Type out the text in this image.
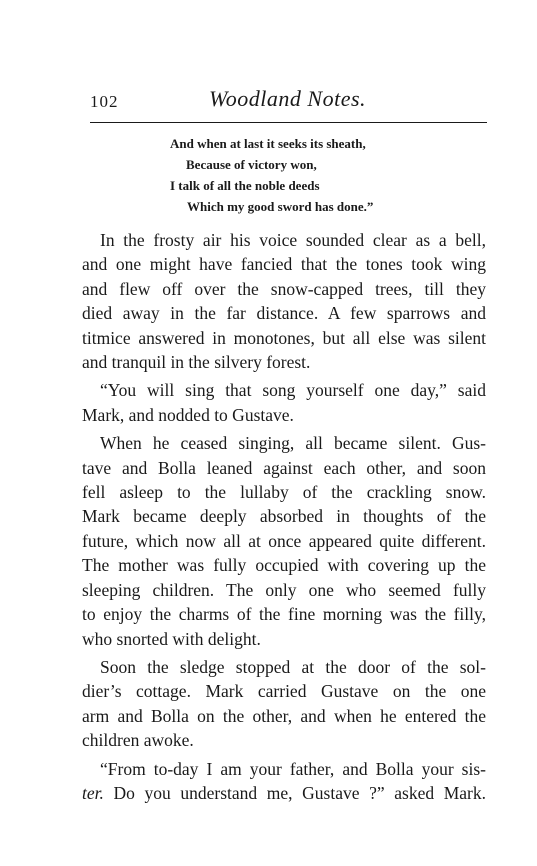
102	Woodland Notes.
And when at last it seeks its sheath,
Because of victory won,
I talk of all the noble deeds
Which my good sword has done.”
In the frosty air his voice sounded clear as a bell,
and one might have fancied that the tones took wing
and flew off over the snow-capped trees, till they
died away in the far distance. A few sparrows and
titmice answered in monotones, but all else was silent
and tranquil in the silvery forest.
“You will sing that song yourself one day,” said
Mark, and nodded to Gustave.
When he ceased singing, all became silent. Gus-
tave and Bolla leaned against each other, and soon
fell asleep to the lullaby of the crackling snow.
Mark became deeply absorbed in thoughts of the
future, which now all at once appeared quite different.
The mother was fully occupied with covering up the
sleeping children. The only one who seemed fully
to enjoy the charms of the fine morning was the filly,
who snorted with delight.
Soon the sledge stopped at the door of the sol-
dier’s cottage. Mark carried Gustave on the one
arm and Bolla on the other, and when he entered the
children awoke.
“From to-day I am your father, and Bolla your sis-
ter. Do you understand me, Gustave ?” asked Mark.
